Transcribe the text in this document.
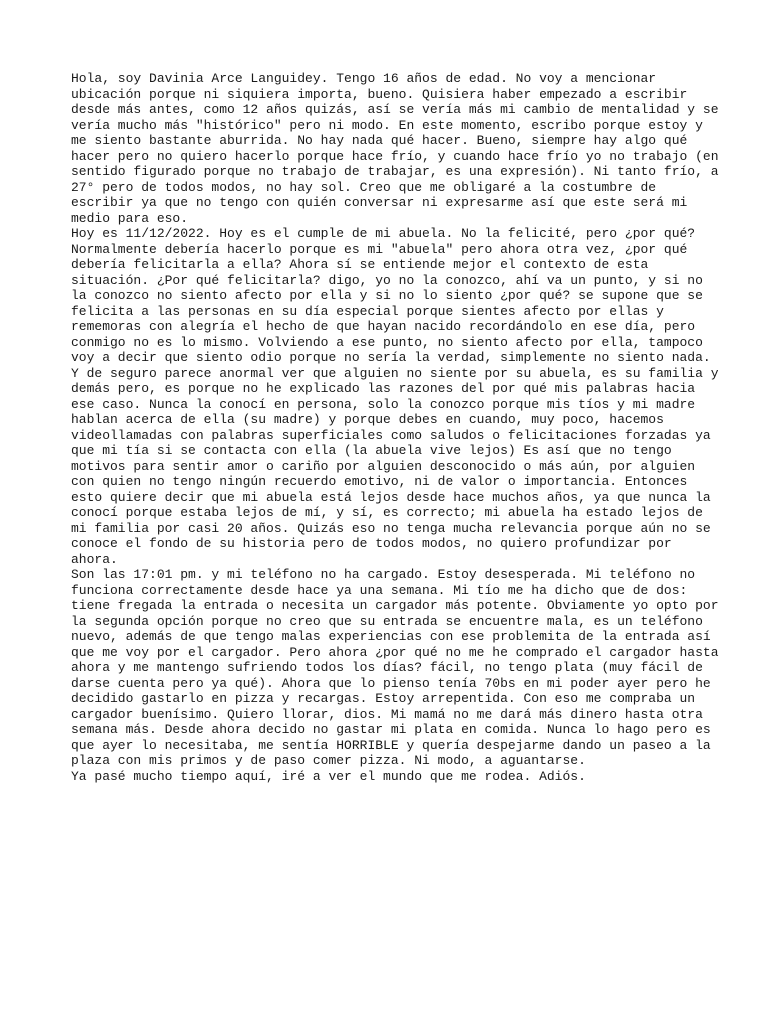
Hola, soy Davinia Arce Languidey. Tengo 16 años de edad. No voy a mencionar

ubicación porque ni siquiera importa, bueno. Quisiera haber empezado a escribir

desde más antes, como 12 años quizás, así se vería más mi cambio de mentalidad y se

vería mucho más "histórico" pero ni modo. En este momento, escribo porque estoy y

me siento bastante aburrida. No hay nada qué hacer. Bueno, siempre hay algo qué

hacer pero no quiero hacerlo porque hace frío, y cuando hace frío yo no trabajo (en

sentido figurado porque no trabajo de trabajar, es una expresión). Ni tanto frío, a

27° pero de todos modos, no hay sol. Creo que me obligaré a la costumbre de

escribir ya que no tengo con quién conversar ni expresarme así que este será mi

medio para eso.

Hoy es 11/12/2022. Hoy es el cumple de mi abuela. No la felicité, pero ¿por qué?

Normalmente debería hacerlo porque es mi "abuela" pero ahora otra vez, ¿por qué

debería felicitarla a ella? Ahora sí se entiende mejor el contexto de esta

situación. ¿Por qué felicitarla? digo, yo no la conozco, ahí va un punto, y si no

la conozco no siento afecto por ella y si no lo siento ¿por qué? se supone que se

felicita a las personas en su día especial porque sientes afecto por ellas y

rememoras con alegría el hecho de que hayan nacido recordándolo en ese día, pero

conmigo no es lo mismo. Volviendo a ese punto, no siento afecto por ella, tampoco

voy a decir que siento odio porque no sería la verdad, simplemente no siento nada.

Y de seguro parece anormal ver que alguien no siente por su abuela, es su familia y

demás pero, es porque no he explicado las razones del por qué mis palabras hacia

ese caso. Nunca la conocí en persona, solo la conozco porque mis tíos y mi madre

hablan acerca de ella (su madre) y porque debes en cuando, muy poco, hacemos

videollamadas con palabras superficiales como saludos o felicitaciones forzadas ya

que mi tía si se contacta con ella (la abuela vive lejos) Es así que no tengo

motivos para sentir amor o cariño por alguien desconocido o más aún, por alguien

con quien no tengo ningún recuerdo emotivo, ni de valor o importancia. Entonces

esto quiere decir que mi abuela está lejos desde hace muchos años, ya que nunca la

conocí porque estaba lejos de mí, y sí, es correcto; mi abuela ha estado lejos de

mi familia por casi 20 años. Quizás eso no tenga mucha relevancia porque aún no se

conoce el fondo de su historia pero de todos modos, no quiero profundizar por

ahora.

Son las 17:01 pm. y mi teléfono no ha cargado. Estoy desesperada. Mi teléfono no

funciona correctamente desde hace ya una semana. Mi tío me ha dicho que de dos:

tiene fregada la entrada o necesita un cargador más potente. Obviamente yo opto por

la segunda opción porque no creo que su entrada se encuentre mala, es un teléfono

nuevo, además de que tengo malas experiencias con ese problemita de la entrada así

que me voy por el cargador. Pero ahora ¿por qué no me he comprado el cargador hasta

ahora y me mantengo sufriendo todos los días? fácil, no tengo plata (muy fácil de

darse cuenta pero ya qué). Ahora que lo pienso tenía 70bs en mi poder ayer pero he

decidido gastarlo en pizza y recargas. Estoy arrepentida. Con eso me compraba un

cargador buenísimo. Quiero llorar, dios. Mi mamá no me dará más dinero hasta otra

semana más. Desde ahora decido no gastar mi plata en comida. Nunca lo hago pero es

que ayer lo necesitaba, me sentía HORRIBLE y quería despejarme dando un paseo a la

plaza con mis primos y de paso comer pizza. Ni modo, a aguantarse.

Ya pasé mucho tiempo aquí, iré a ver el mundo que me rodea. Adiós.
